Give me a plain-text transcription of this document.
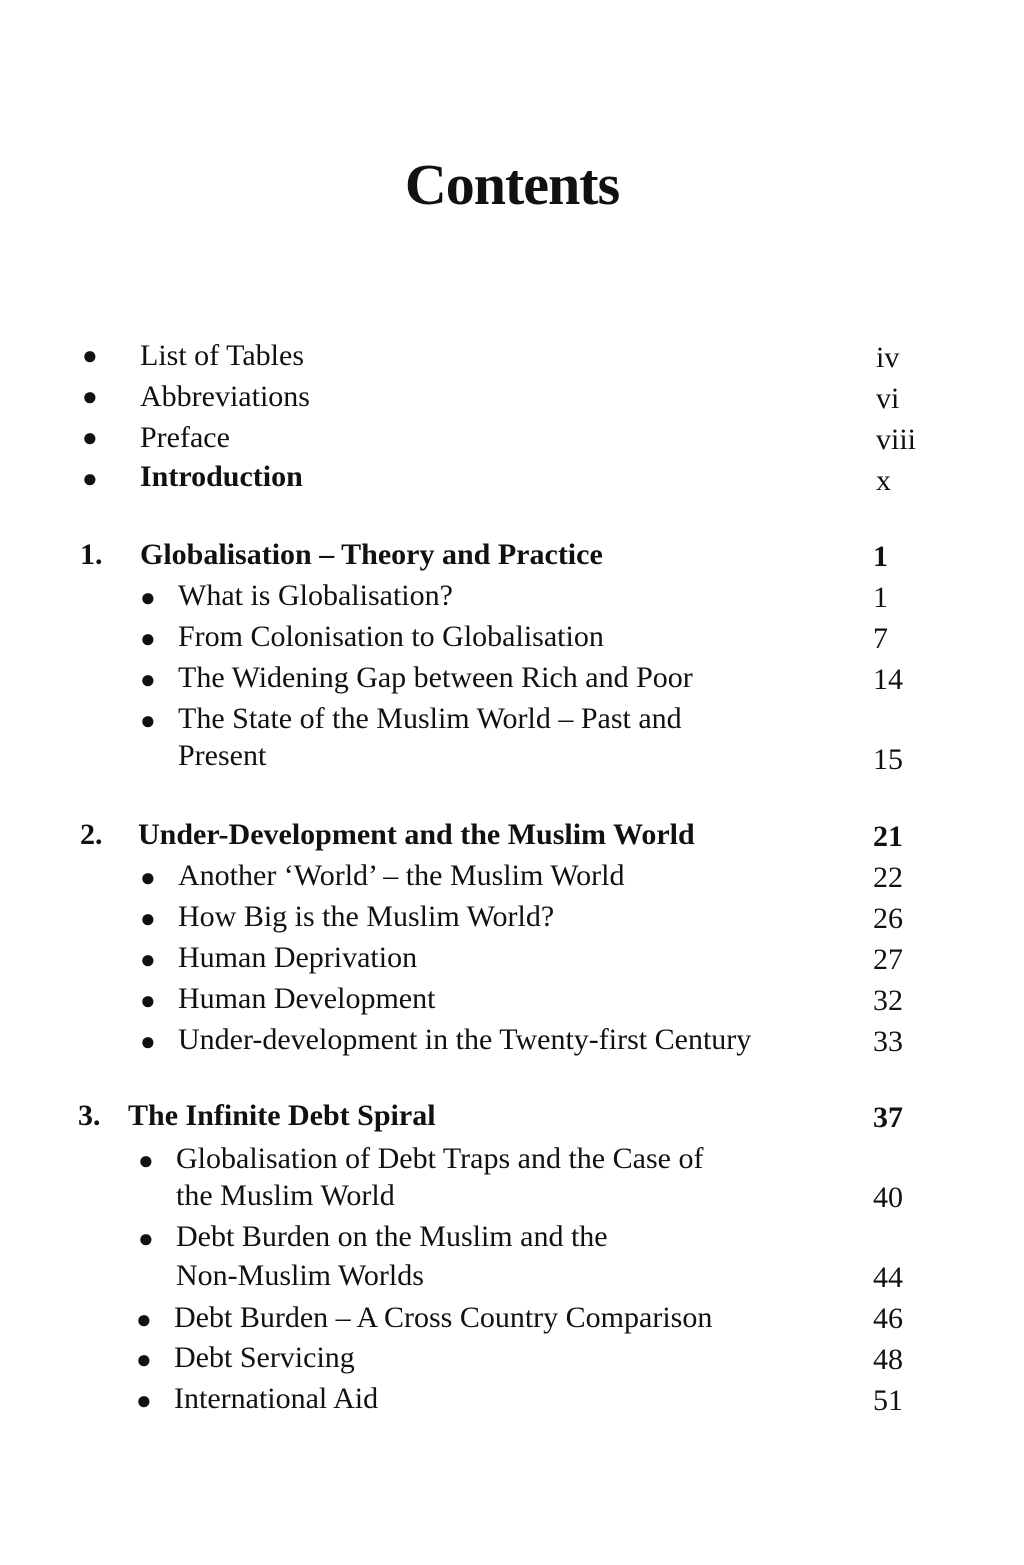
Contents
● List of Tables	iv
● Abbreviations	vi
● Preface	viii
● Introduction	x
1. Globalisation – Theory and Practice	1
● What is Globalisation?	1
● From Colonisation to Globalisation	7
● The Widening Gap between Rich and Poor	14
● The State of the Muslim World – Past and
Present	15
2. Under-Development and the Muslim World	21
● Another ‘World’ – the Muslim World	22
● How Big is the Muslim World?	26
● Human Deprivation	27
● Human Development	32
● Under-development in the Twenty-first Century	33
3. The Infinite Debt Spiral	37
● Globalisation of Debt Traps and the Case of
the Muslim World	40
● Debt Burden on the Muslim and the
Non-Muslim Worlds	44
● Debt Burden – A Cross Country Comparison	46
● Debt Servicing	48
● International Aid	51
